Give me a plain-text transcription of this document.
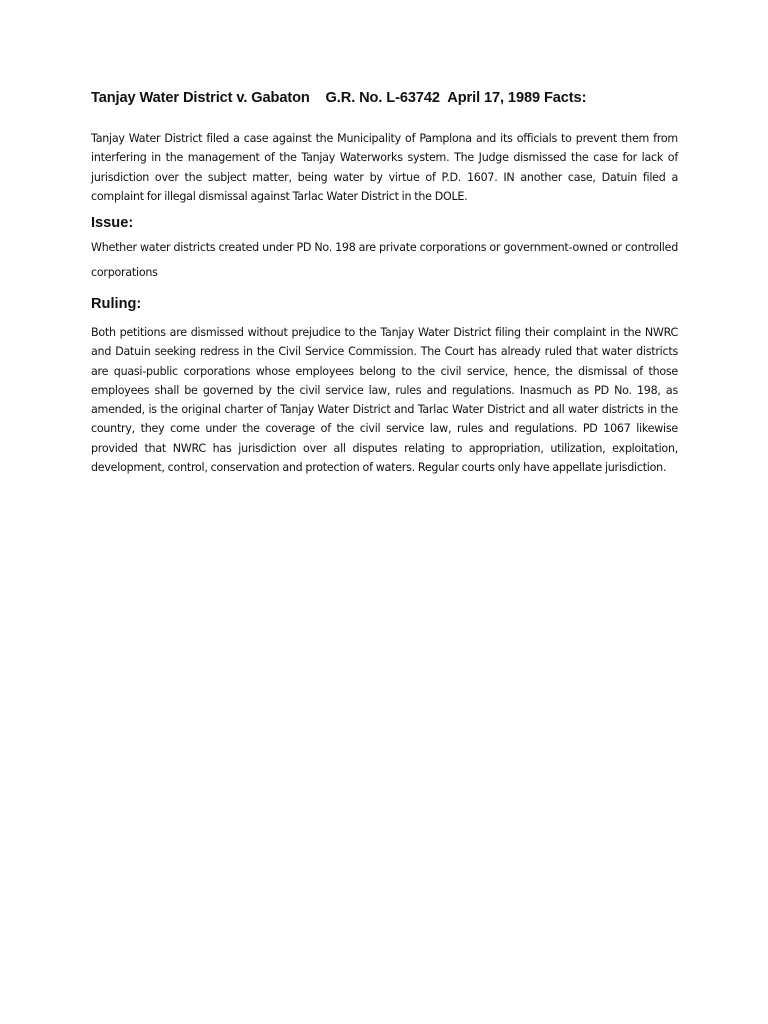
Tanjay Water District v. Gabaton    G.R. No. L-63742  April 17, 1989 Facts:

Tanjay Water District filed a case against the Municipality of Pamplona and its officials to prevent them from interfering in the management of the Tanjay Waterworks system. The Judge dismissed the case for lack of jurisdiction over the subject matter, being water by virtue of P.D. 1607. IN another case, Datuin filed a complaint for illegal dismissal against Tarlac Water District in the DOLE.

Issue:

Whether water districts created under PD No. 198 are private corporations or government-owned or controlled corporations

Ruling:

Both petitions are dismissed without prejudice to the Tanjay Water District filing their complaint in the NWRC and Datuin seeking redress in the Civil Service Commission. The Court has already ruled that water districts are quasi-public corporations whose employees belong to the civil service, hence, the dismissal of those employees shall be governed by the civil service law, rules and regulations. Inasmuch as PD No. 198, as amended, is the original charter of Tanjay Water District and Tarlac Water District and all water districts in the country, they come under the coverage of the civil service law, rules and regulations. PD 1067 likewise provided that NWRC has jurisdiction over all disputes relating to appropriation, utilization, exploitation, development, control, conservation and protection of waters. Regular courts only have appellate jurisdiction.
